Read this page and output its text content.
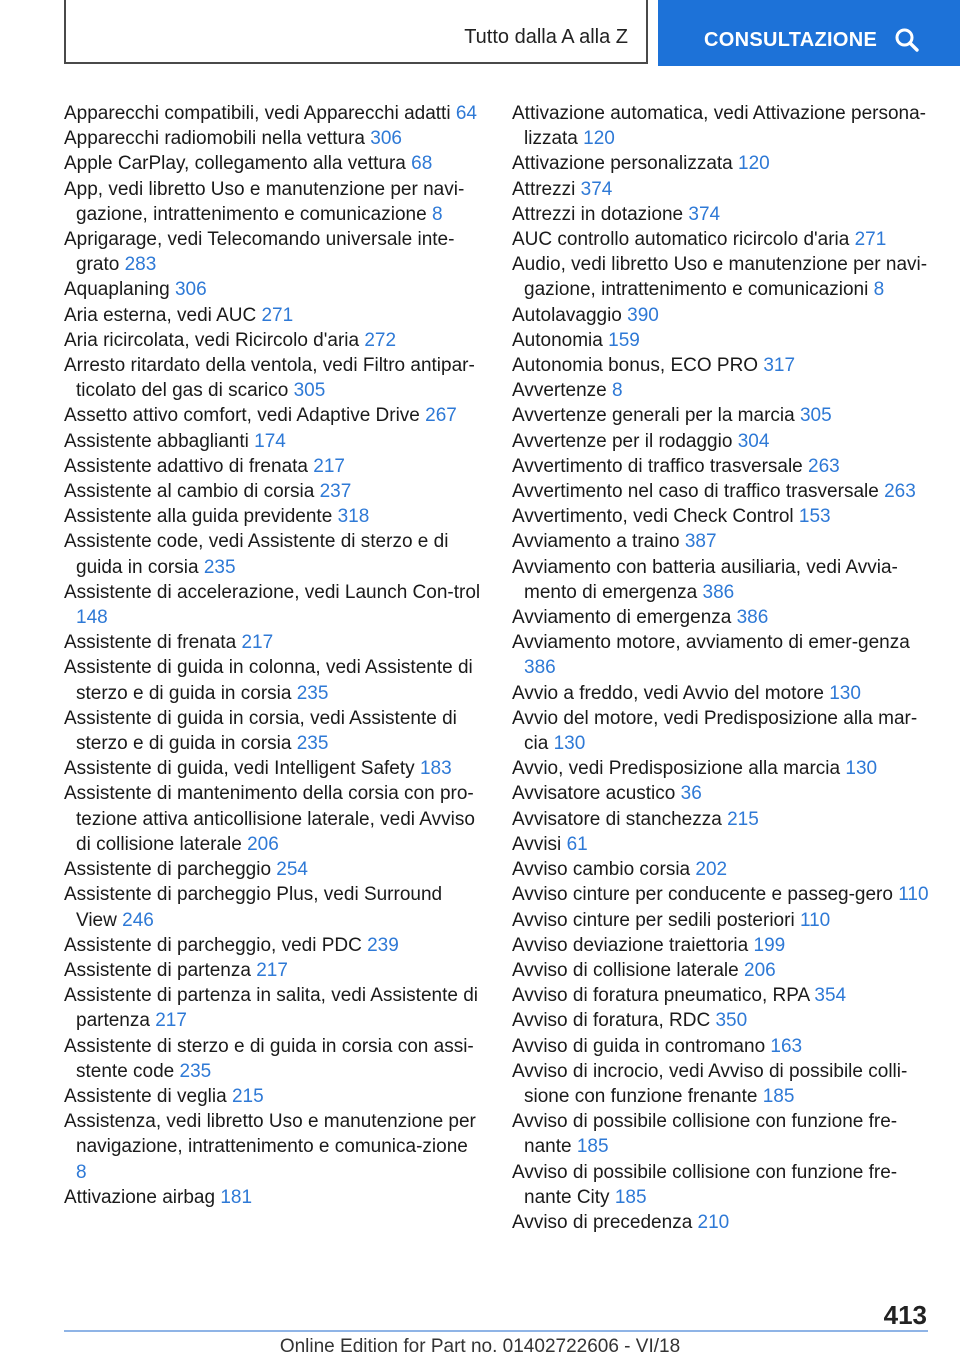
Tutto dalla A alla Z	CONSULTAZIONE
Apparecchi compatibili, vedi Apparecchi adatti 64
Apparecchi radiomobili nella vettura 306
Apple CarPlay, collegamento alla vettura 68
App, vedi libretto Uso e manutenzione per navi-gazione, intrattenimento e comunicazione 8
Aprigarage, vedi Telecomando universale inte-grato 283
Aquaplaning 306
Aria esterna, vedi AUC 271
Aria ricircolata, vedi Ricircolo d'aria 272
Arresto ritardato della ventola, vedi Filtro antipar-ticolato del gas di scarico 305
Assetto attivo comfort, vedi Adaptive Drive 267
Assistente abbaglianti 174
Assistente adattivo di frenata 217
Assistente al cambio di corsia 237
Assistente alla guida previdente 318
Assistente code, vedi Assistente di sterzo e di guida in corsia 235
Assistente di accelerazione, vedi Launch Con-trol 148
Assistente di frenata 217
Assistente di guida in colonna, vedi Assistente di sterzo e di guida in corsia 235
Assistente di guida in corsia, vedi Assistente di sterzo e di guida in corsia 235
Assistente di guida, vedi Intelligent Safety 183
Assistente di mantenimento della corsia con pro-tezione attiva anticollisione laterale, vedi Avviso di collisione laterale 206
Assistente di parcheggio 254
Assistente di parcheggio Plus, vedi Surround View 246
Assistente di parcheggio, vedi PDC 239
Assistente di partenza 217
Assistente di partenza in salita, vedi Assistente di partenza 217
Assistente di sterzo e di guida in corsia con assi-stente code 235
Assistente di veglia 215
Assistenza, vedi libretto Uso e manutenzione per navigazione, intrattenimento e comunica-zione 8
Attivazione airbag 181
Attivazione automatica, vedi Attivazione persona-lizzata 120
Attivazione personalizzata 120
Attrezzi 374
Attrezzi in dotazione 374
AUC controllo automatico ricircolo d'aria 271
Audio, vedi libretto Uso e manutenzione per navi-gazione, intrattenimento e comunicazioni 8
Autolavaggio 390
Autonomia 159
Autonomia bonus, ECO PRO 317
Avvertenze 8
Avvertenze generali per la marcia 305
Avvertenze per il rodaggio 304
Avvertimento di traffico trasversale 263
Avvertimento nel caso di traffico trasversale 263
Avvertimento, vedi Check Control 153
Avviamento a traino 387
Avviamento con batteria ausiliaria, vedi Avvia-mento di emergenza 386
Avviamento di emergenza 386
Avviamento motore, avviamento di emer-genza 386
Avvio a freddo, vedi Avvio del motore 130
Avvio del motore, vedi Predisposizione alla mar-cia 130
Avvio, vedi Predisposizione alla marcia 130
Avvisatore acustico 36
Avvisatore di stanchezza 215
Avvisi 61
Avviso cambio corsia 202
Avviso cinture per conducente e passeg-gero 110
Avviso cinture per sedili posteriori 110
Avviso deviazione traiettoria 199
Avviso di collisione laterale 206
Avviso di foratura pneumatico, RPA 354
Avviso di foratura, RDC 350
Avviso di guida in contromano 163
Avviso di incrocio, vedi Avviso di possibile colli-sione con funzione frenante 185
Avviso di possibile collisione con funzione fre-nante 185
Avviso di possibile collisione con funzione fre-nante City 185
Avviso di precedenza 210
413
Online Edition for Part no. 01402722606 - VI/18
